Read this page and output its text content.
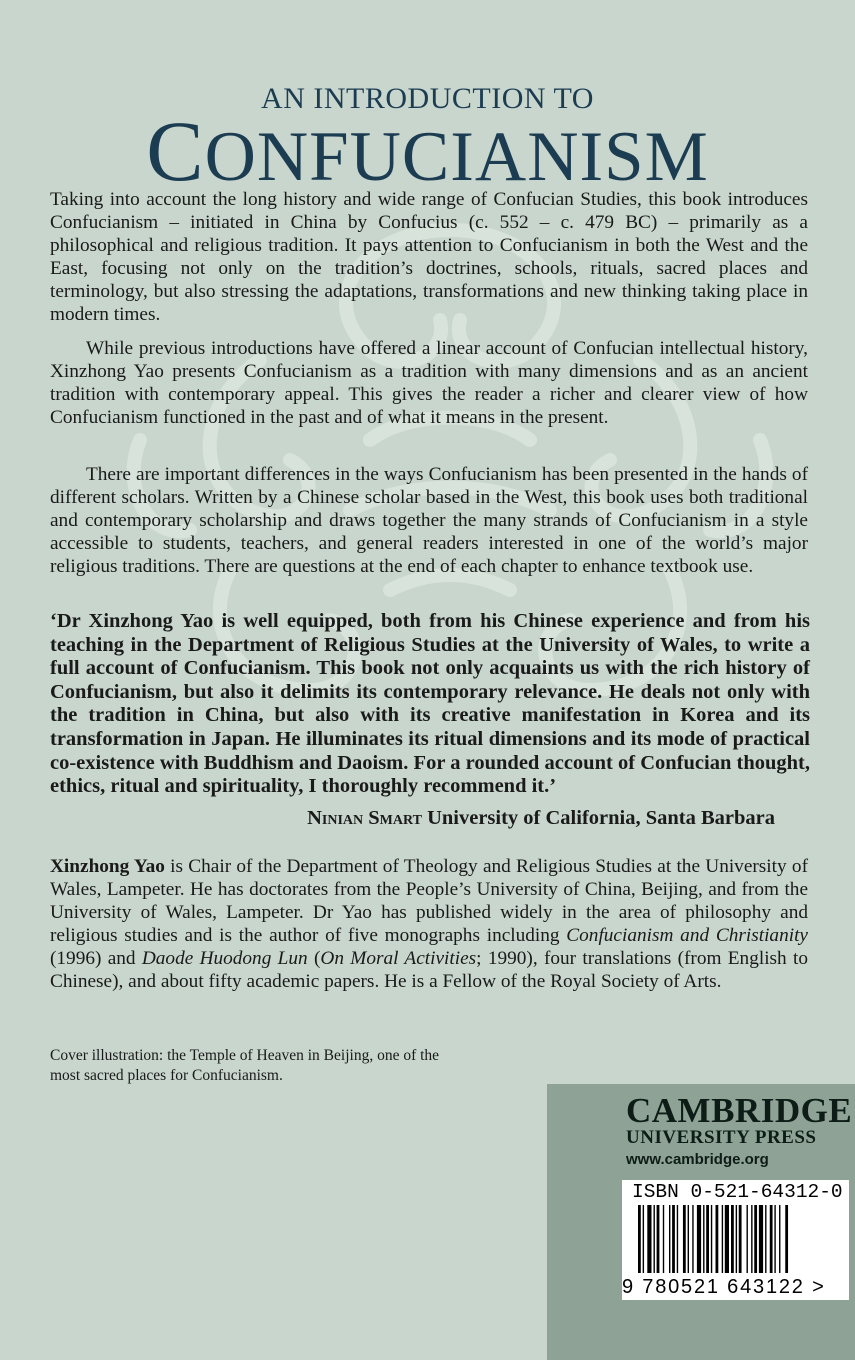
AN INTRODUCTION TO
CONFUCIANISM

Taking into account the long history and wide range of Confucian Studies, this book introduces Confucianism – initiated in China by Confucius (c. 552 – c. 479 BC) – primarily as a philosophical and religious tradition. It pays attention to Confucianism in both the West and the East, focusing not only on the tradition’s doctrines, schools, rituals, sacred places and terminology, but also stressing the adaptations, transformations and new thinking taking place in modern times.

While previous introductions have offered a linear account of Confucian intellectual history, Xinzhong Yao presents Confucianism as a tradition with many dimensions and as an ancient tradition with contemporary appeal. This gives the reader a richer and clearer view of how Confucianism functioned in the past and of what it means in the present.

There are important differences in the ways Confucianism has been presented in the hands of different scholars. Written by a Chinese scholar based in the West, this book uses both traditional and contemporary scholarship and draws together the many strands of Confucianism in a style accessible to students, teachers, and general readers interested in one of the world’s major religious traditions. There are questions at the end of each chapter to enhance textbook use.

‘Dr Xinzhong Yao is well equipped, both from his Chinese experience and from his teaching in the Department of Religious Studies at the University of Wales, to write a full account of Confucianism. This book not only acquaints us with the rich history of Confucianism, but also it delimits its contemporary relevance. He deals not only with the tradition in China, but also with its creative manifestation in Korea and its transformation in Japan. He illuminates its ritual dimensions and its mode of practical co-existence with Buddhism and Daoism. For a rounded account of Confucian thought, ethics, ritual and spirituality, I thoroughly recommend it.’

Ninian Smart University of California, Santa Barbara

Xinzhong Yao is Chair of the Department of Theology and Religious Studies at the University of Wales, Lampeter. He has doctorates from the People’s University of China, Beijing, and from the University of Wales, Lampeter. Dr Yao has published widely in the area of philosophy and religious studies and is the author of five monographs including Confucianism and Christianity (1996) and Daode Huodong Lun (On Moral Activities; 1990), four translations (from English to Chinese), and about fifty academic papers. He is a Fellow of the Royal Society of Arts.

Cover illustration: the Temple of Heaven in Beijing, one of the most sacred places for Confucianism.

CAMBRIDGE
UNIVERSITY PRESS
www.cambridge.org
ISBN 0-521-64312-0
9 780521 643122 >
